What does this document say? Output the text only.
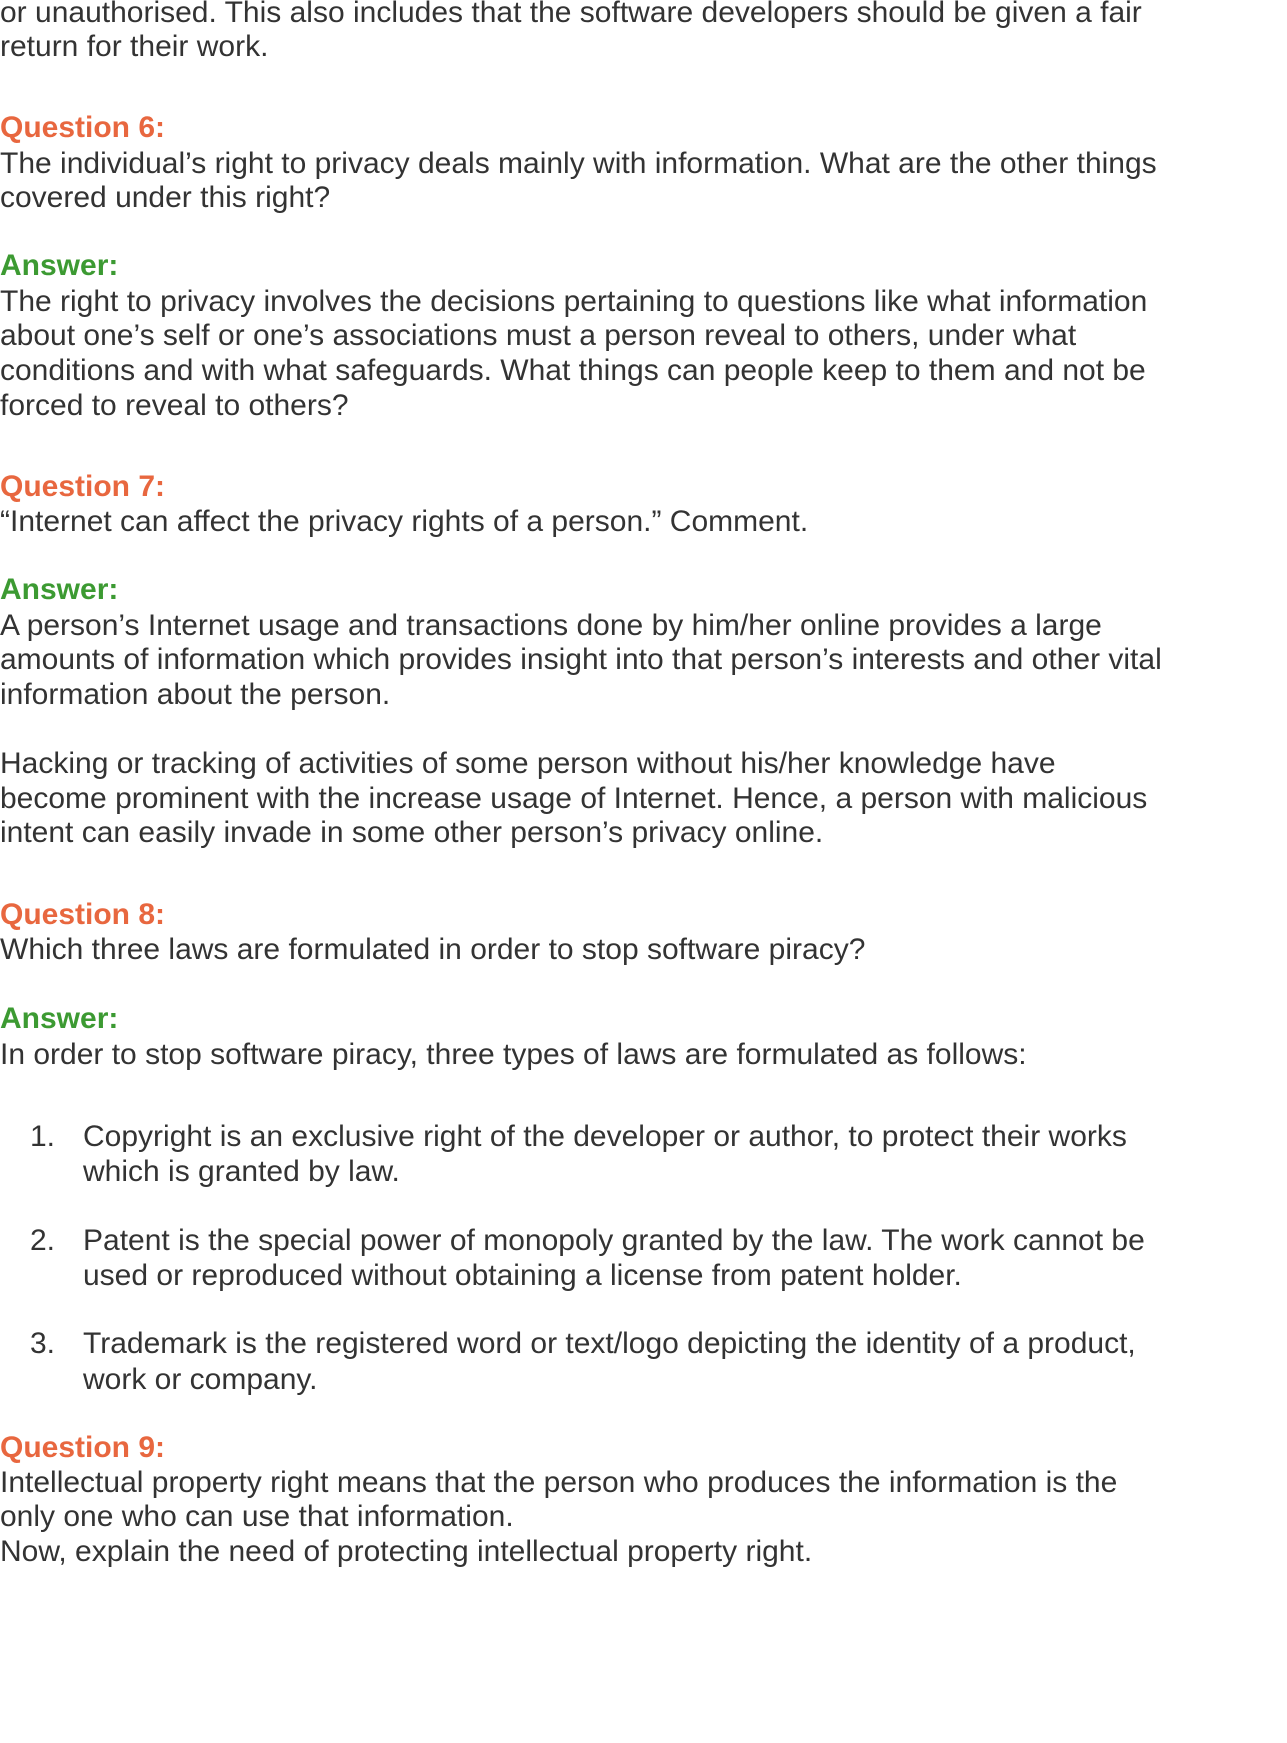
or unauthorised. This also includes that the software developers should be given a fair
return for their work.
Question 6:
The individual’s right to privacy deals mainly with information. What are the other things
covered under this right?
Answer:
The right to privacy involves the decisions pertaining to questions like what information
about one’s self or one’s associations must a person reveal to others, under what
conditions and with what safeguards. What things can people keep to them and not be
forced to reveal to others?
Question 7:
“Internet can affect the privacy rights of a person.” Comment.
Answer:
A person’s Internet usage and transactions done by him/her online provides a large
amounts of information which provides insight into that person’s interests and other vital
information about the person.
Hacking or tracking of activities of some person without his/her knowledge have
become prominent with the increase usage of Internet. Hence, a person with malicious
intent can easily invade in some other person’s privacy online.
Question 8:
Which three laws are formulated in order to stop software piracy?
Answer:
In order to stop software piracy, three types of laws are formulated as follows:
1. Copyright is an exclusive right of the developer or author, to protect their works
which is granted by law.
2. Patent is the special power of monopoly granted by the law. The work cannot be
used or reproduced without obtaining a license from patent holder.
3. Trademark is the registered word or text/logo depicting the identity of a product,
work or company.
Question 9:
Intellectual property right means that the person who produces the information is the
only one who can use that information.
Now, explain the need of protecting intellectual property right.
